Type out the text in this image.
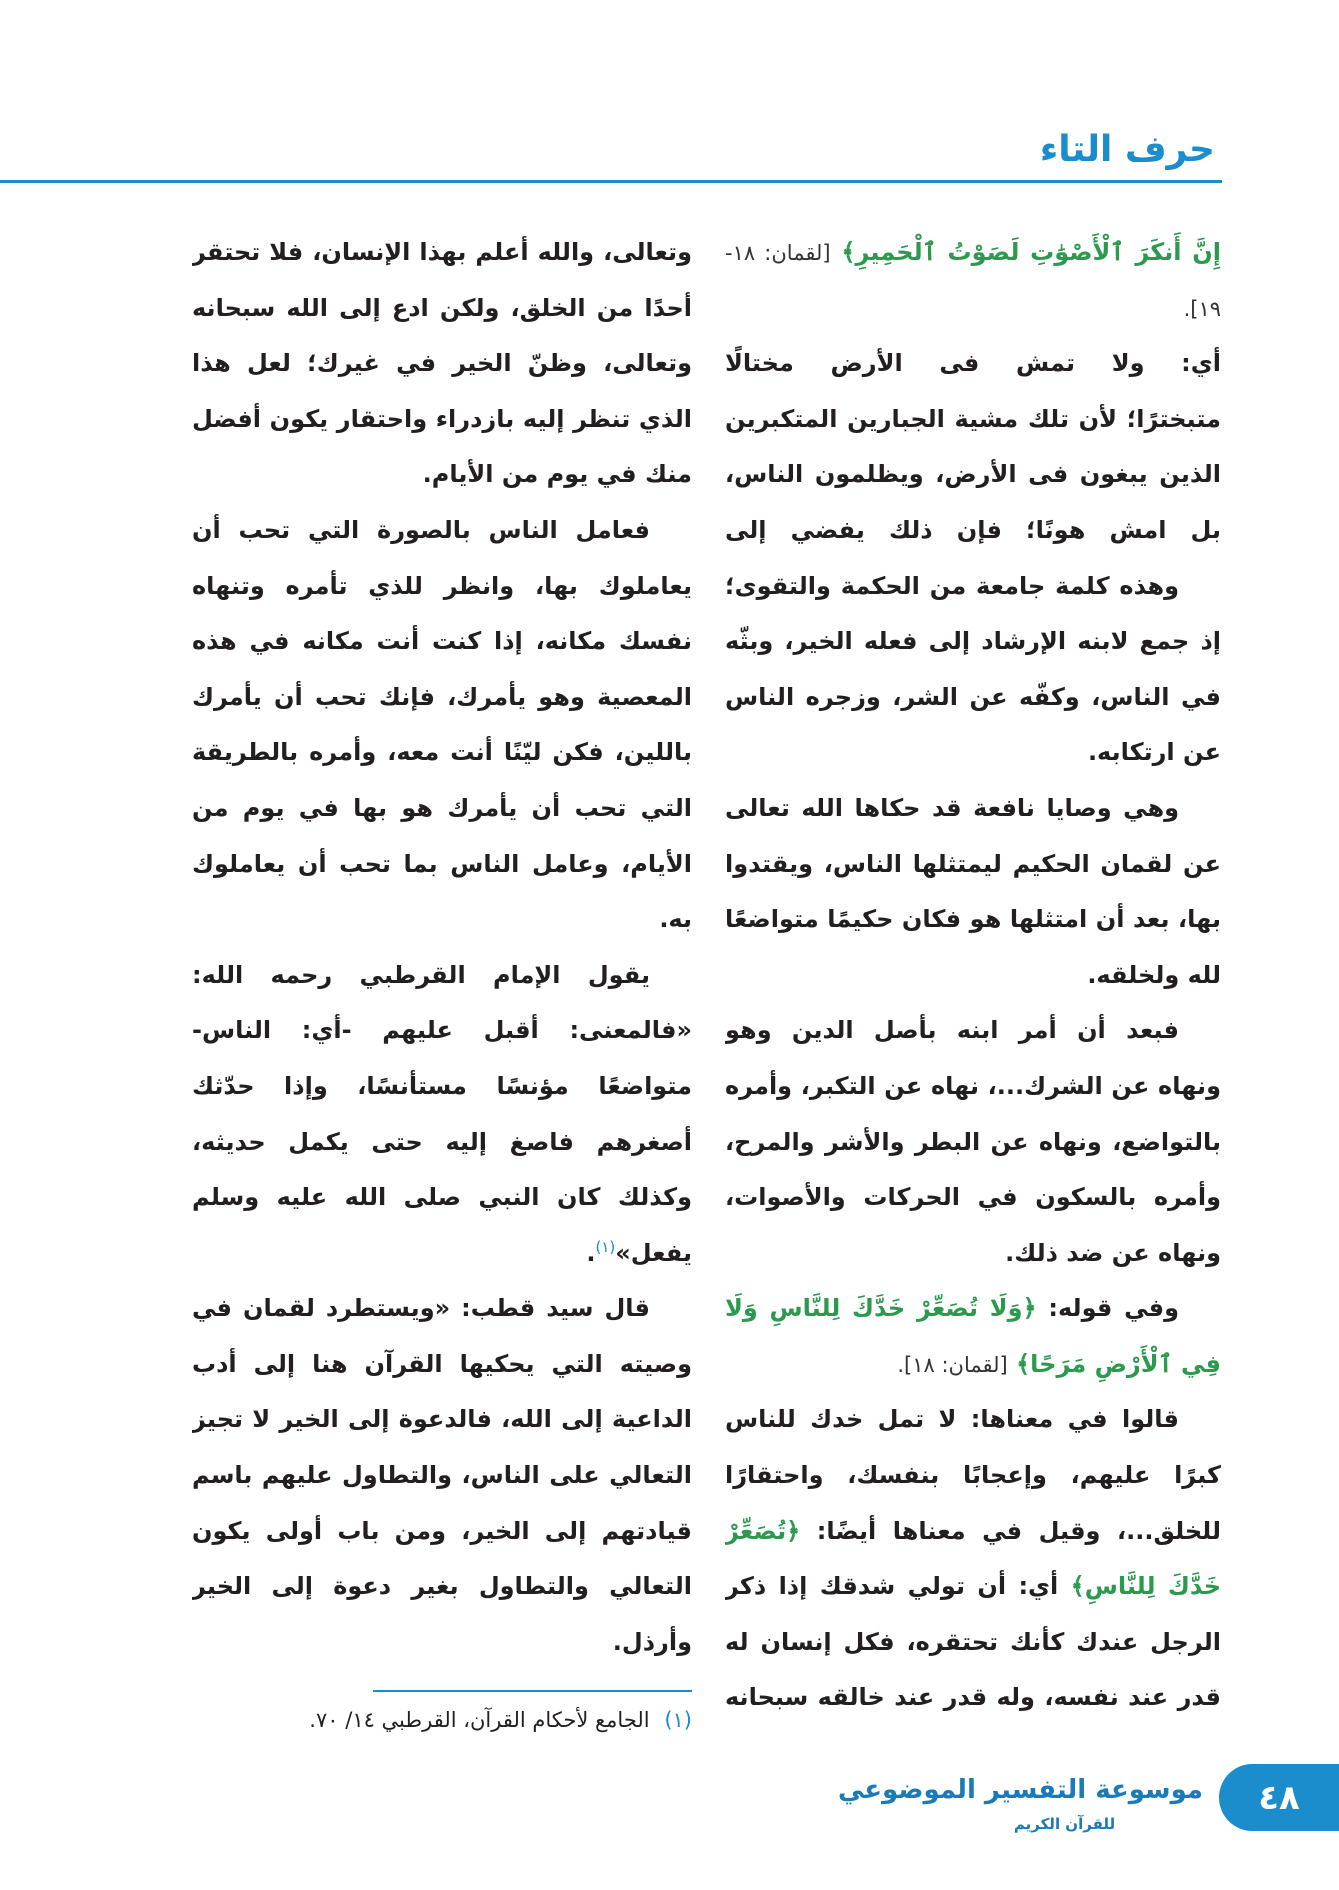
حرف التاء
إِنَّ أَنكَرَ ٱلْأَصْوَٰتِ لَصَوْتُ ٱلْحَمِيرِ﴾ [لقمان: ١٨-
١٩].
أي: ولا تمش فى الأرض مختالًا
متبخترًا؛ لأن تلك مشية الجبارين المتكبرين
الذين يبغون فى الأرض، ويظلمون الناس،
بل امش هونًا؛ فإن ذلك يفضي إلى
وهذه كلمة جامعة من الحكمة والتقوى؛
إذ جمع لابنه الإرشاد إلى فعله الخير، وبثّه
في الناس، وكفّه عن الشر، وزجره الناس
عن ارتكابه.
وهي وصايا نافعة قد حكاها الله تعالى
عن لقمان الحكيم ليمتثلها الناس، ويقتدوا
بها، بعد أن امتثلها هو فكان حكيمًا متواضعًا
لله ولخلقه.
فبعد أن أمر ابنه بأصل الدين وهو
ونهاه عن الشرك...، نهاه عن التكبر، وأمره
بالتواضع، ونهاه عن البطر والأشر والمرح،
وأمره بالسكون في الحركات والأصوات،
ونهاه عن ضد ذلك.
وفي قوله: ﴿وَلَا تُصَعِّرْ خَدَّكَ لِلنَّاسِ وَلَا
فِي ٱلْأَرْضِ مَرَحًا﴾ [لقمان: ١٨].
قالوا في معناها: لا تمل خدك للناس
كبرًا عليهم، وإعجابًا بنفسك، واحتقارًا
للخلق...، وقيل في معناها أيضًا: ﴿تُصَعِّرْ
خَدَّكَ لِلنَّاسِ﴾ أي: أن تولي شدقك إذا ذكر
الرجل عندك كأنك تحتقره، فكل إنسان له
قدر عند نفسه، وله قدر عند خالقه سبحانه
وتعالى، والله أعلم بهذا الإنسان، فلا تحتقر
أحدًا من الخلق، ولكن ادع إلى الله سبحانه
وتعالى، وظنّ الخير في غيرك؛ لعل هذا
الذي تنظر إليه بازدراء واحتقار يكون أفضل
منك في يوم من الأيام.
فعامل الناس بالصورة التي تحب أن
يعاملوك بها، وانظر للذي تأمره وتنهاه
نفسك مكانه، إذا كنت أنت مكانه في هذه
المعصية وهو يأمرك، فإنك تحب أن يأمرك
باللين، فكن ليّنًا أنت معه، وأمره بالطريقة
التي تحب أن يأمرك هو بها في يوم من
الأيام، وعامل الناس بما تحب أن يعاملوك
به.
يقول الإمام القرطبي رحمه الله:
«فالمعنى: أقبل عليهم -أي: الناس-
متواضعًا مؤنسًا مستأنسًا، وإذا حدّثك
أصغرهم فاصغ إليه حتى يكمل حديثه،
وكذلك كان النبي صلى الله عليه وسلم
يفعل»$^{(١)}$.
قال سيد قطب: «ويستطرد لقمان في
وصيته التي يحكيها القرآن هنا إلى أدب
الداعية إلى الله، فالدعوة إلى الخير لا تجيز
التعالي على الناس، والتطاول عليهم باسم
قيادتهم إلى الخير، ومن باب أولى يكون
التعالي والتطاول بغير دعوة إلى الخير
وأرذل.
(١) الجامع لأحكام القرآن، القرطبي ١٤/ ٧٠.
موسوعة التفسير الموضوعي
للقرآن الكريم
٤٨
